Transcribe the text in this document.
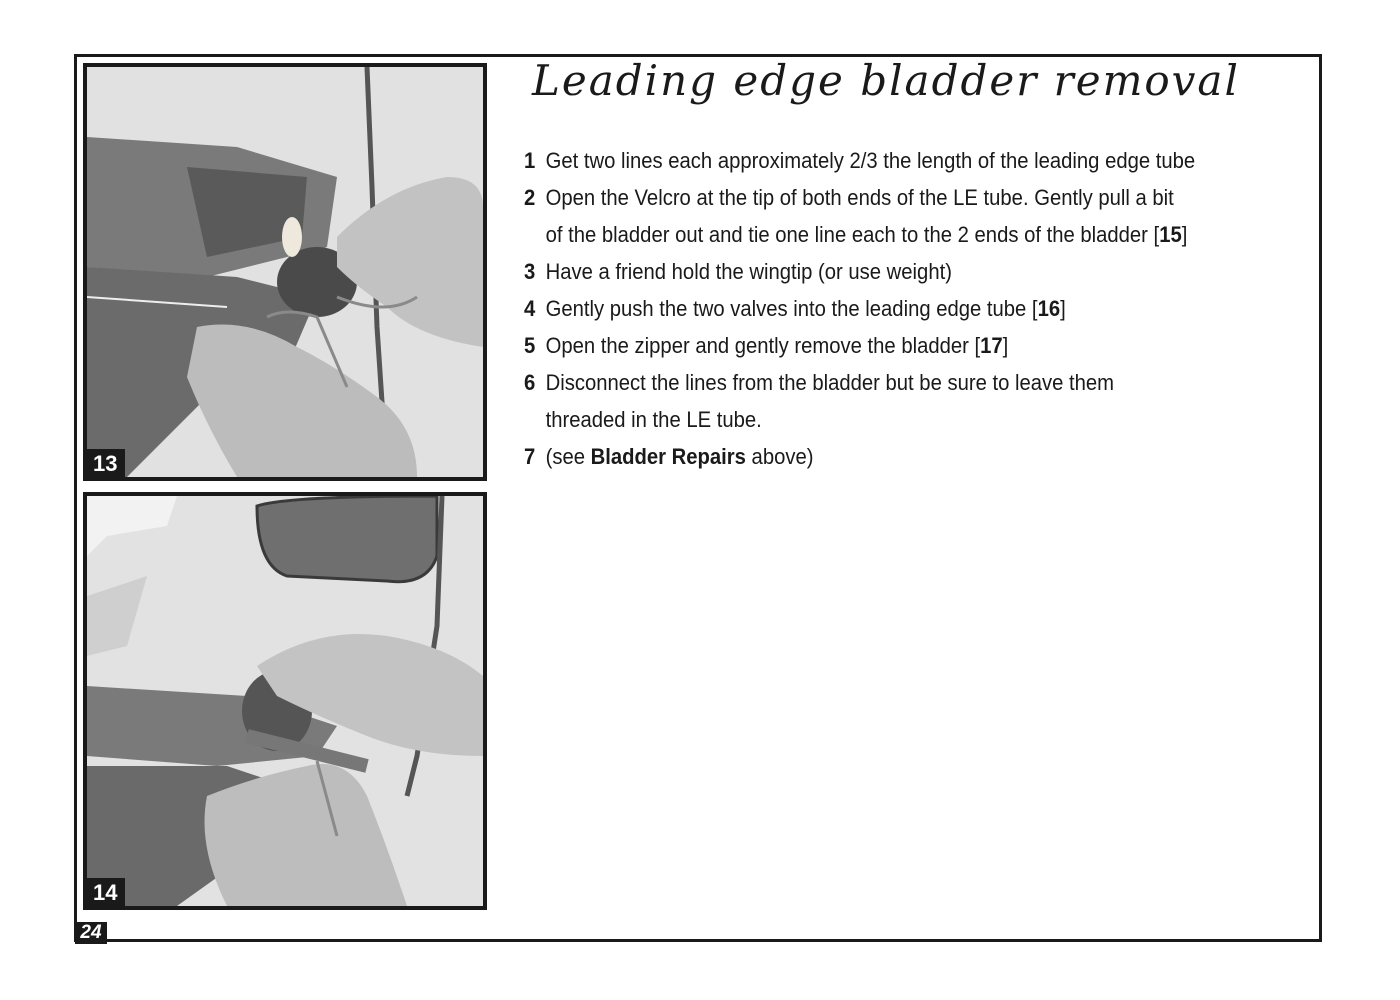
13
14
24
Leading edge bladder removal
1 Get two lines each approximately 2/3 the length of the leading edge tube
2 Open the Velcro at the tip of both ends of the LE tube. Gently pull a bit
of the bladder out and tie one line each to the 2 ends of the bladder [15]
3 Have a friend hold the wingtip (or use weight)
4 Gently push the two valves into the leading edge tube [16]
5 Open the zipper and gently remove the bladder [17]
6 Disconnect the lines from the bladder but be sure to leave them
threaded in the LE tube.
7 (see Bladder Repairs above)
